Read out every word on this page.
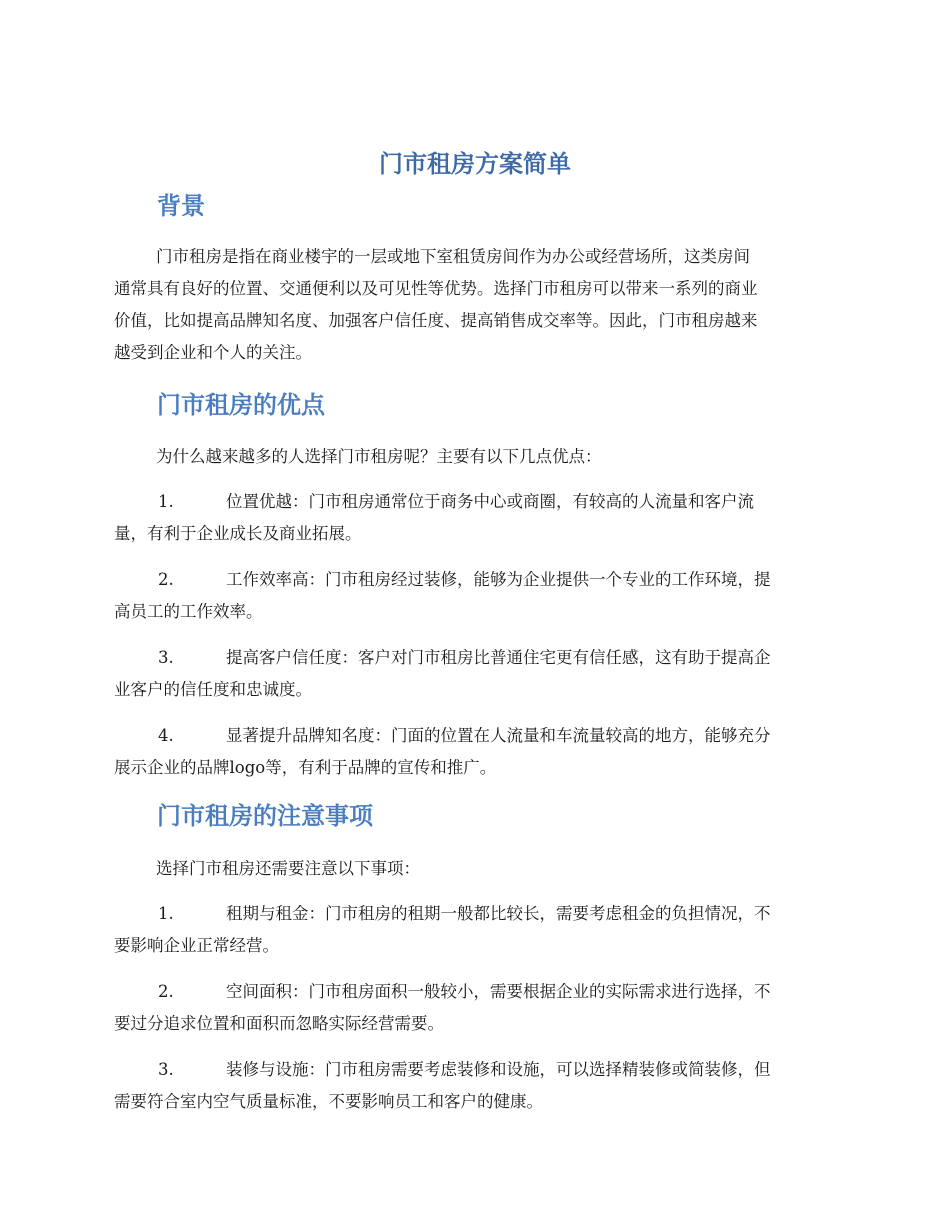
门市租房方案简单
背景
门市租房是指在商业楼宇的一层或地下室租赁房间作为办公或经营场所，这类房间
通常具有良好的位置、交通便利以及可见性等优势。选择门市租房可以带来一系列的商业
价值，比如提高品牌知名度、加强客户信任度、提高销售成交率等。因此，门市租房越来
越受到企业和个人的关注。
门市租房的优点

为什么越来越多的人选择门市租房呢？主要有以下几点优点：

1.	位置优越：门市租房通常位于商务中心或商圈，有较高的人流量和客户流
量，有利于企业成长及商业拓展。
2.	工作效率高：门市租房经过装修，能够为企业提供一个专业的工作环境，提
高员工的工作效率。
3.	提高客户信任度：客户对门市租房比普通住宅更有信任感，这有助于提高企
业客户的信任度和忠诚度。
4.	显著提升品牌知名度：门面的位置在人流量和车流量较高的地方，能够充分
展示企业的品牌logo等，有利于品牌的宣传和推广。
门市租房的注意事项

选择门市租房还需要注意以下事项：

1.	租期与租金：门市租房的租期一般都比较长，需要考虑租金的负担情况，不
要影响企业正常经营。
2.	空间面积：门市租房面积一般较小，需要根据企业的实际需求进行选择，不
要过分追求位置和面积而忽略实际经营需要。
3.	装修与设施：门市租房需要考虑装修和设施，可以选择精装修或简装修，但
需要符合室内空气质量标准，不要影响员工和客户的健康。
